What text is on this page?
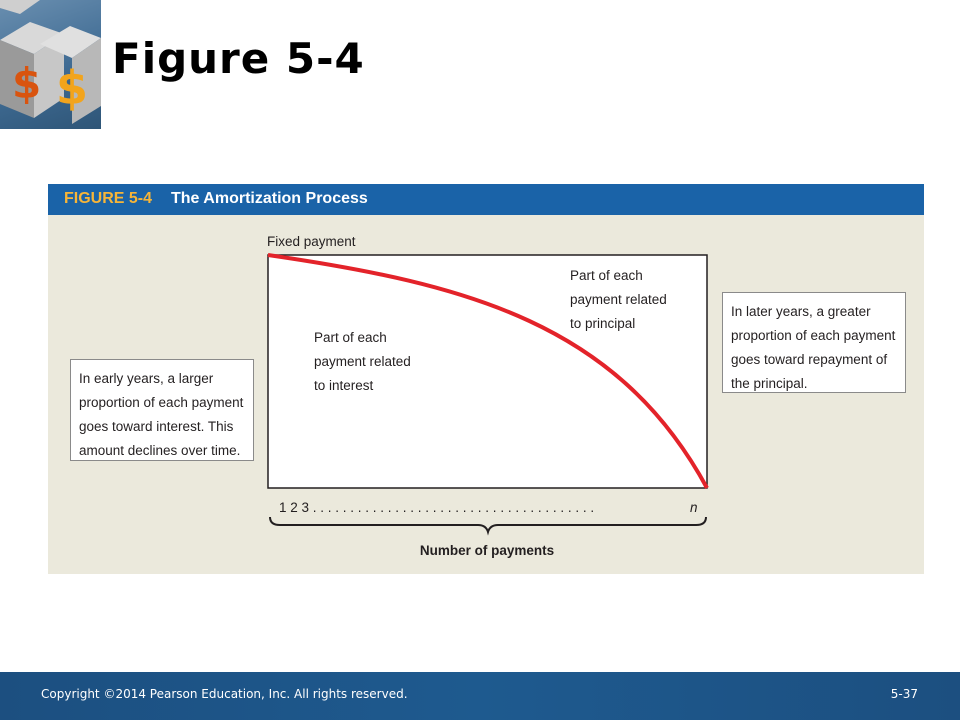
$ $
Figure 5-4
FIGURE 5-4 The Amortization Process
Fixed payment
Part of each
payment related
to interest
Part of each
payment related
to principal
1 2 3 . . . . . . . . . . . . . . . . . . . . . . . . . . . . . . . . . . . . . .	n
Number of payments
In early years, a larger
proportion of each payment
goes toward interest. This
amount declines over time.
In later years, a greater
proportion of each payment
goes toward repayment of
the principal.
Copyright ©2014 Pearson Education, Inc. All rights reserved.	5-37
